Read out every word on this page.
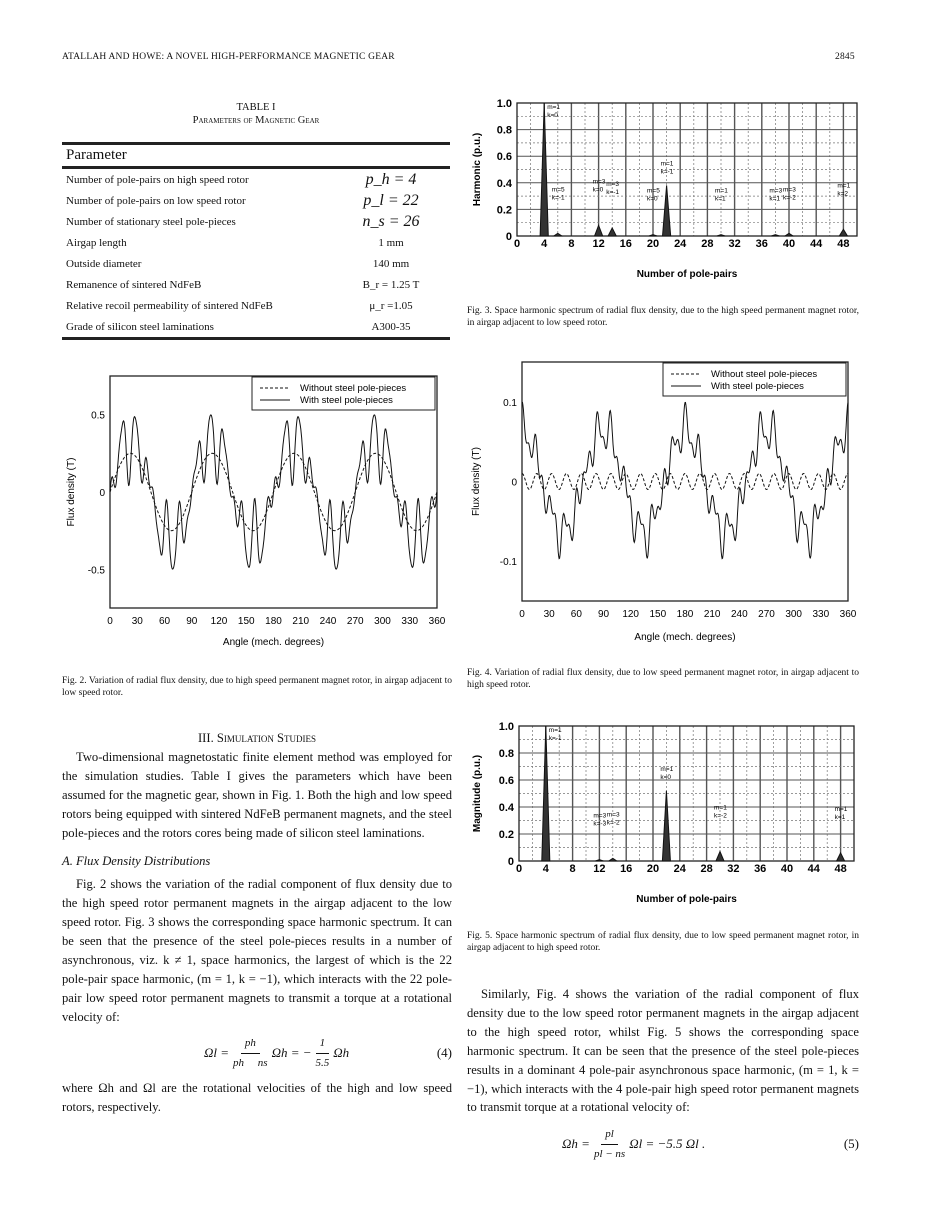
ATALLAH AND HOWE: A NOVEL HIGH-PERFORMANCE MAGNETIC GEAR	2845
TABLE I
Parameters of Magnetic Gear
Parameter	
Number of pole-pairs on high speed rotor	p_h = 4
Number of pole-pairs on low speed rotor	p_l = 22
Number of stationary steel pole-pieces	n_s = 26
Airgap length	1 mm
Outside diameter	140 mm
Remanence of sintered NdFeB	B_r = 1.25 T
Relative recoil permeability of sintered NdFeB	μ_r =1.05
Grade of silicon steel laminations	A300-35
0 30 60 90 120 150 180 210 240 270 300 330 360
-0.5
0
0.5
Angle (mech. degrees)
Flux density (T)
Without steel pole-pieces
With steel pole-pieces
0 4 8 12 16 20 24 28 32 36 40 44 48
0
0.2
0.4
0.6
0.8
1.0
Number of pole-pairs
Harmonic (p.u.)
m=1
k=0
m=5
k=-1
m=3
k=0
m=3
k=-1	m=5
k=0
m=1
k=-1
m=1
k=1
m=3
k=1
m=3
k=-2
m=1
k=2
0 30 60 90 120 150 180 210 240 270 300 330 360
-0.1
0
0.1
Angle (mech. degrees)
Flux density (T)
Without steel pole-pieces
With steel pole-pieces
0 4 8 12 16 20 24 28 32 36 40 44 48
0
0.2
0.4
0.6
0.8
1.0
Number of pole-pairs
Magnitude (p.u.)
m=1
k=-1
m=3
k=-3
m=3
k=-2
m=1
k=0
m=1
k=-2
m=1
k=1
Fig. 2. Variation of radial flux density, due to high speed permanent magnet rotor, in airgap adjacent to low speed rotor.
Fig. 3. Space harmonic spectrum of radial flux density, due to the high speed permanent magnet rotor, in airgap adjacent to low speed rotor.
Fig. 4. Variation of radial flux density, due to low speed permanent magnet rotor, in airgap adjacent to high speed rotor.
Fig. 5. Space harmonic spectrum of radial flux density, due to low speed permanent magnet rotor, in airgap adjacent to high speed rotor.
III. Simulation Studies

Two-dimensional magnetostatic finite element method was employed for the simulation studies. Table I gives the parameters which have been assumed for the magnetic gear, shown in Fig. 1. Both the high and low speed rotors being equipped with sintered NdFeB permanent magnets, and the steel pole-pieces and the rotors cores being made of silicon steel laminations.

A. Flux Density Distributions

Fig. 2 shows the variation of the radial component of flux density due to the high speed rotor permanent magnets in the airgap adjacent to the low speed rotor. Fig. 3 shows the corresponding space harmonic spectrum. It can be seen that the presence of the steel pole-pieces results in a number of asynchronous, viz. k ≠ 1, space harmonics, the largest of which is the 22 pole-pair space harmonic, (m = 1, k = −1), which interacts with the 22 pole-pair low speed rotor permanent magnets to transmit a torque at a rotational velocity of:

$\Omega l = \frac{ph}{\text{ph     ns}}$ Ωh = − $\frac{1}{5.5}$ Ωh	(4)

where Ωh and Ωl are the rotational velocities of the high and low speed rotors, respectively.

Similarly, Fig. 4 shows the variation of the radial component of flux density due to the low speed rotor permanent magnets in the airgap adjacent to the high speed rotor, whilst Fig. 5 shows the corresponding space harmonic spectrum. It can be seen that the presence of the steel pole-pieces results in a dominant 4 pole-pair asynchronous space harmonic, (m = 1, k = −1), which interacts with the 4 pole-pair high speed rotor permanent magnets to transmit torque at a rotational velocity of:

$\Omega h = \frac{pl}{pl - ns}$ Ωl = −5.5 Ωl .	(5)
